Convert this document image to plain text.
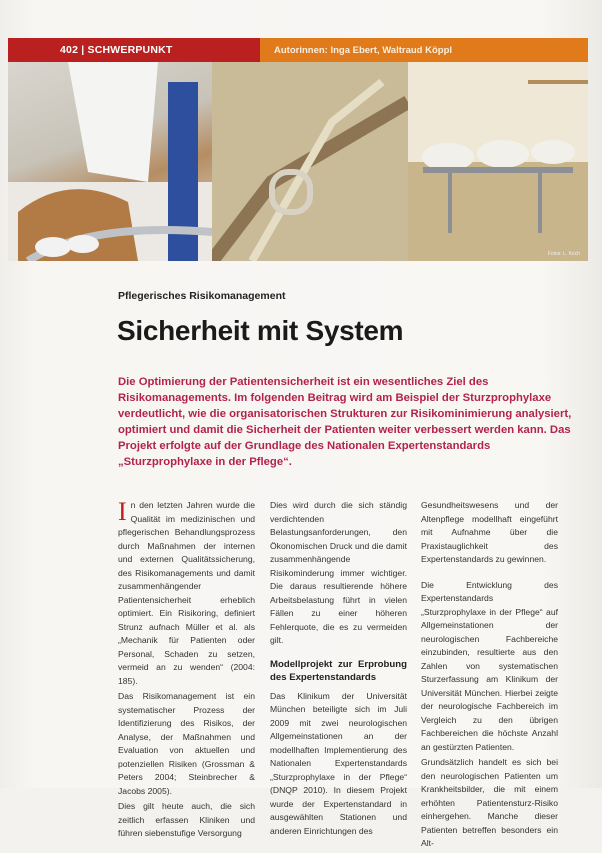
402 | SCHWERPUNKT	Autorinnen: Inga Ebert, Waltraud Köppl
Fotos: L. Koch
Pflegerisches Risikomanagement
Sicherheit mit System
Die Optimierung der Patientensicherheit ist ein wesentliches Ziel des Risikomanagements. Im folgenden Beitrag wird am Beispiel der Sturzprophylaxe verdeutlicht, wie die organisatorischen Strukturen zur Risikominimierung analysiert, optimiert und damit die Sicherheit der Patienten weiter verbessert werden kann. Das Projekt erfolgte auf der Grundlage des Nationalen Expertenstandards „Sturzprophylaxe in der Pflege“.

In den letzten Jahren wurde die Qualität im medizinischen und pflegerischen Behandlungsprozess durch Maßnahmen der internen und externen Qualitätssicherung, des Risikomanagements und damit zusammenhängender Patientensicherheit erheblich optimiert. Ein Risikoring, definiert Strunz aufnach Müller et al. als „Mechanik für Patienten oder Personal, Schaden zu setzen, vermeid an zu wenden“ (2004: 185).

Das Risikomanagement ist ein systematischer Prozess der Identifizierung des Risikos, der Analyse, der Maßnahmen und Evaluation von aktuellen und potenziellen Risiken (Grossman & Peters 2004; Steinbrecher & Jacobs 2005).

Dies gilt heute auch, die sich zeitlich erfassen Kliniken und führen siebenstufige Versorgung

Dies wird durch die sich ständig verdichtenden Belastungsanforderungen, den Ökonomischen Druck und die damit zusammenhängende Risikominderung immer wichtiger. Die daraus resultierende höhere Arbeitsbelastung führt in vielen Fällen zu einer höheren Fehlerquote, die es zu vermeiden gilt.

Modellprojekt zur Erprobung des Expertenstandards

Das Klinikum der Universität München beteiligte sich im Juli 2009 mit zwei neurologischen Allgemeinstationen an der modellhaften Implementierung des Nationalen Expertenstandards „Sturzprophylaxe in der Pflege“ (DNQP 2010). In diesem Projekt wurde der Expertenstandard in ausgewählten Stationen und anderen Einrichtungen des

Gesundheitswesens und der Altenpflege modellhaft eingeführt mit Aufnahme über die Praxistauglichkeit des Expertenstandards zu gewinnen.

Die Entwicklung des Expertenstandards „Sturzprophylaxe in der Pflege“ auf Allgemeinstationen der neurologischen Fachbereiche einzubinden, resultierte aus den Zahlen von systematischen Sturzerfassung am Klinikum der Universität München. Hierbei zeigte der neurologische Fachbereich im Vergleich zu den übrigen Fachbereichen die höchste Anzahl an gestürzten Patienten.

Grundsätzlich handelt es sich bei den neurologischen Patienten um Krankheitsbilder, die mit einem erhöhten Patientensturz-Risiko einhergehen. Manche dieser Patienten betreffen besonders ein Alt-
